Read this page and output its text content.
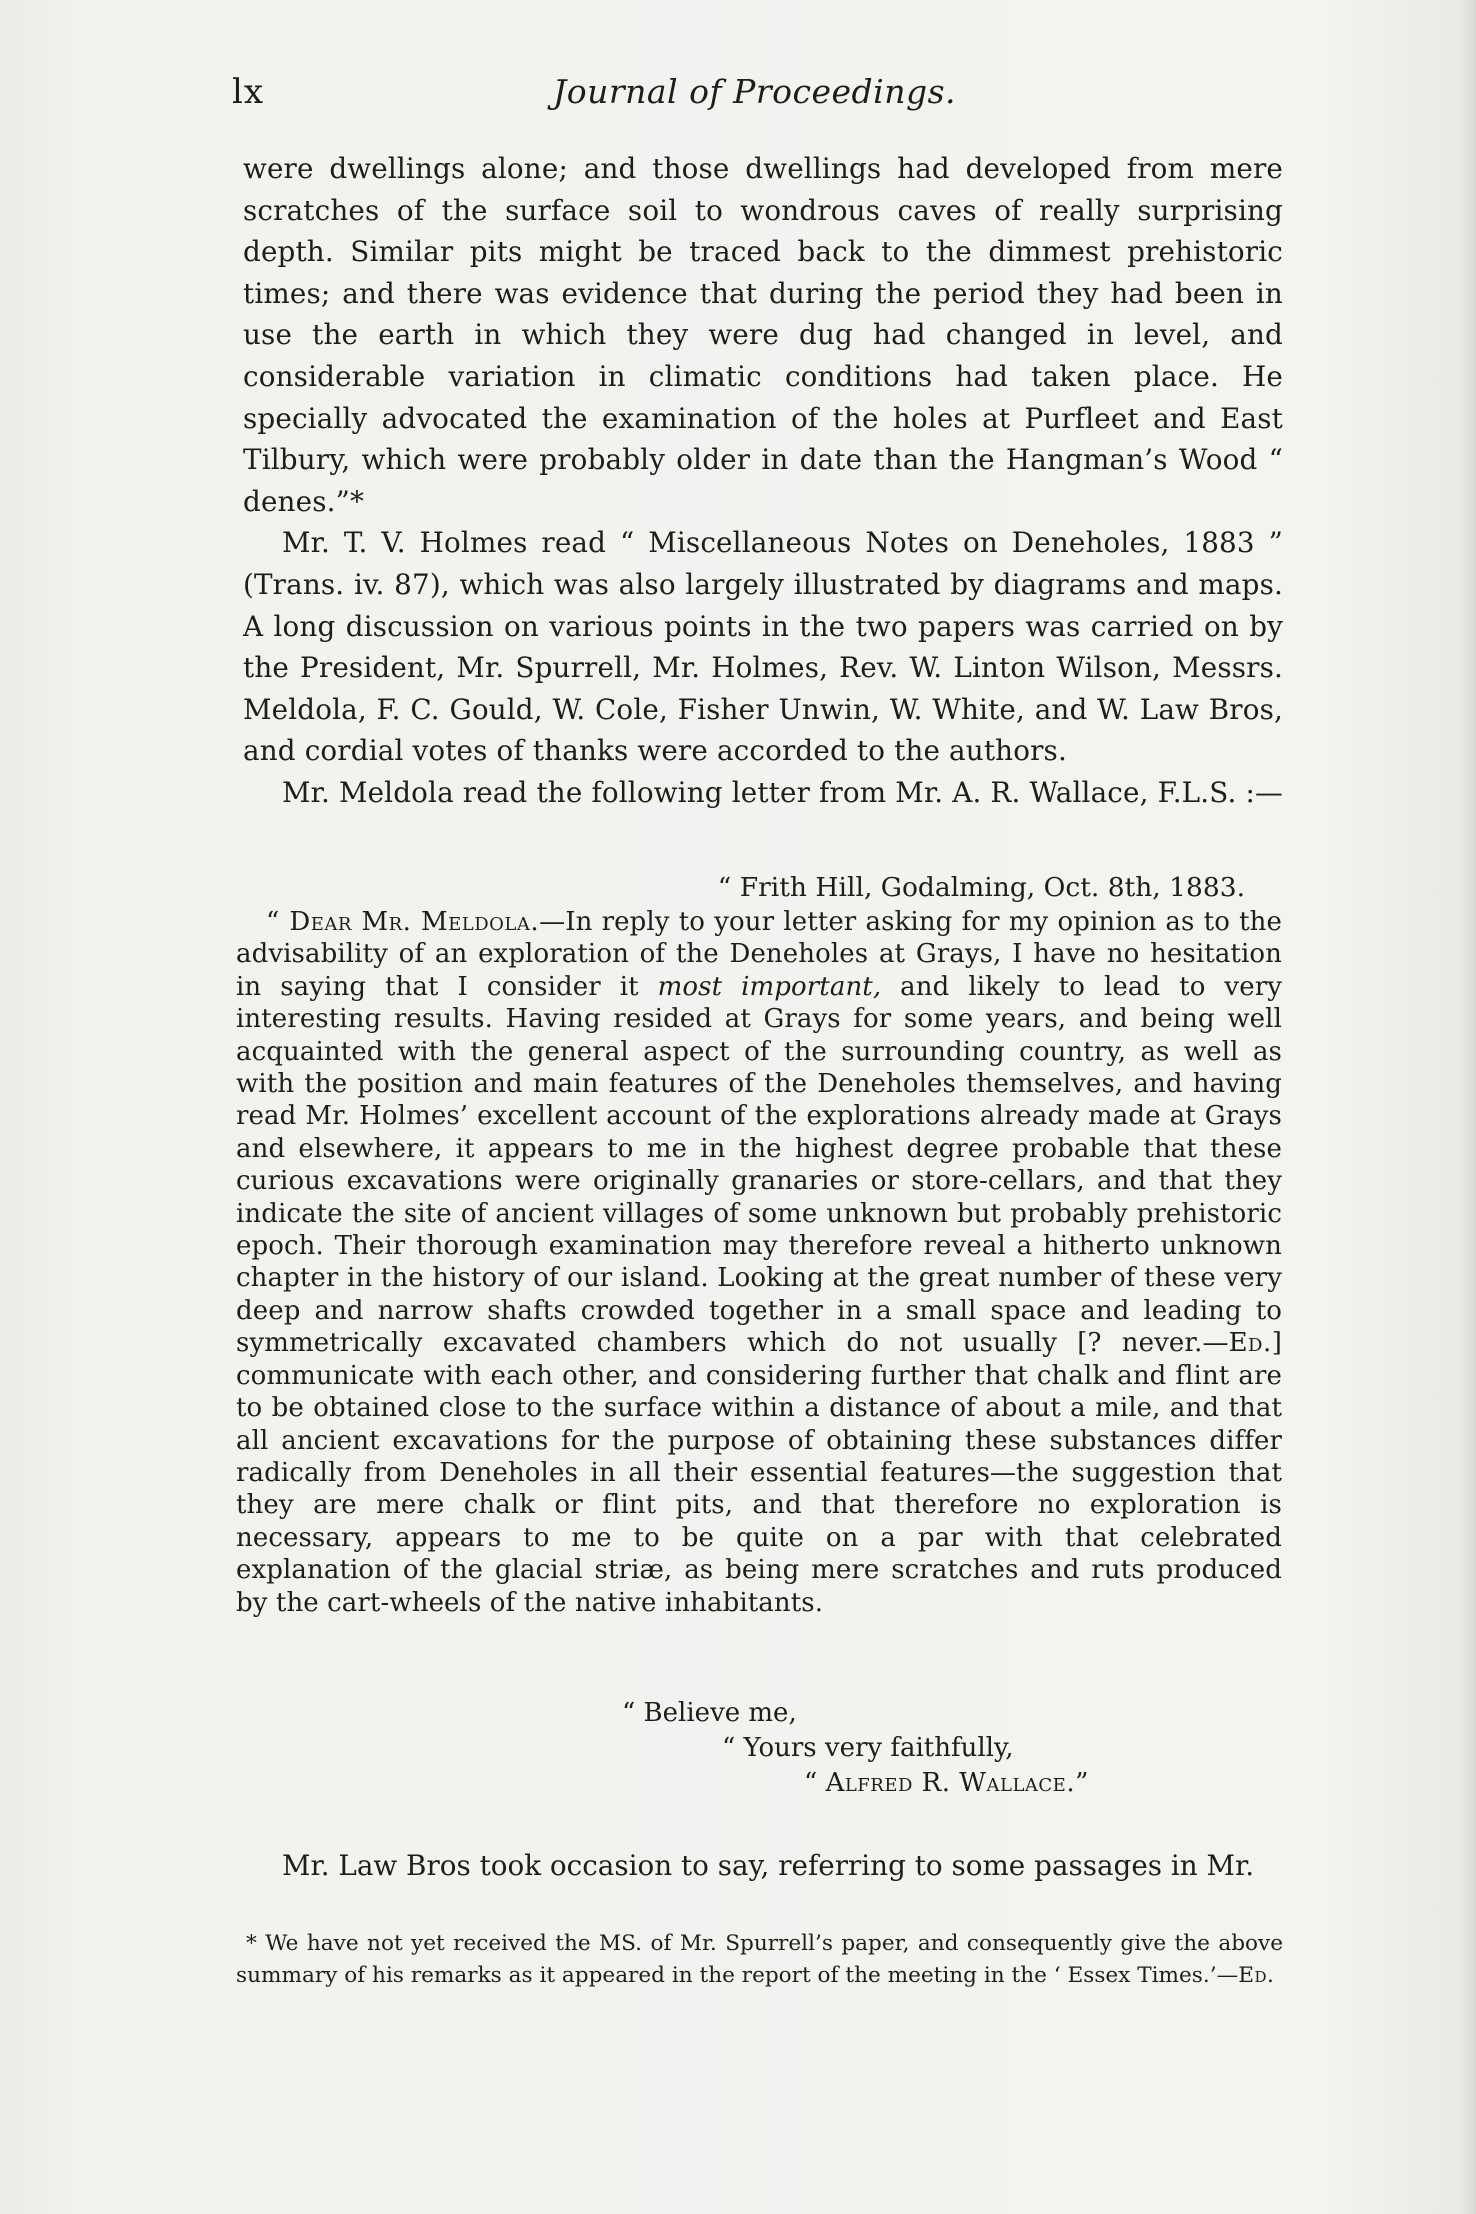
lx	Journal of Proceedings.

were dwellings alone; and those dwellings had developed from mere scratches of the surface soil to wondrous caves of really surprising depth. Similar pits might be traced back to the dimmest prehistoric times; and there was evidence that during the period they had been in use the earth in which they were dug had changed in level, and considerable variation in climatic conditions had taken place. He specially advocated the examination of the holes at Purfleet and East Tilbury, which were probably older in date than the Hangman’s Wood “ denes.”*

Mr. T. V. Holmes read “ Miscellaneous Notes on Deneholes, 1883 ” (Trans. iv. 87), which was also largely illustrated by diagrams and maps. A long discussion on various points in the two papers was carried on by the President, Mr. Spurrell, Mr. Holmes, Rev. W. Linton Wilson, Messrs. Meldola, F. C. Gould, W. Cole, Fisher Unwin, W. White, and W. Law Bros, and cordial votes of thanks were accorded to the authors.

Mr. Meldola read the following letter from Mr. A. R. Wallace, F.L.S. :—

“ Frith Hill, Godalming, Oct. 8th, 1883.

“ Dear Mr. Meldola.—In reply to your letter asking for my opinion as to the advisability of an exploration of the Deneholes at Grays, I have no hesitation in saying that I consider it most important, and likely to lead to very interesting results. Having resided at Grays for some years, and being well acquainted with the general aspect of the surrounding country, as well as with the position and main features of the Deneholes themselves, and having read Mr. Holmes’ excellent account of the explorations already made at Grays and elsewhere, it appears to me in the highest degree probable that these curious excavations were originally granaries or store-cellars, and that they indicate the site of ancient villages of some unknown but probably prehistoric epoch. Their thorough examination may therefore reveal a hitherto unknown chapter in the history of our island. Looking at the great number of these very deep and narrow shafts crowded together in a small space and leading to symmetrically excavated chambers which do not usually [? never.—Ed.] communicate with each other, and considering further that chalk and flint are to be obtained close to the surface within a distance of about a mile, and that all ancient excavations for the purpose of obtaining these substances differ radically from Deneholes in all their essential features—the suggestion that they are mere chalk or flint pits, and that therefore no exploration is necessary, appears to me to be quite on a par with that celebrated explanation of the glacial striæ, as being mere scratches and ruts produced by the cart-wheels of the native inhabitants.

“ Believe me,
“ Yours very faithfully,
“ Alfred R. Wallace.”

Mr. Law Bros took occasion to say, referring to some passages in Mr.

* We have not yet received the MS. of Mr. Spurrell’s paper, and consequently give the above summary of his remarks as it appeared in the report of the meeting in the ‘ Essex Times.’—Ed.
